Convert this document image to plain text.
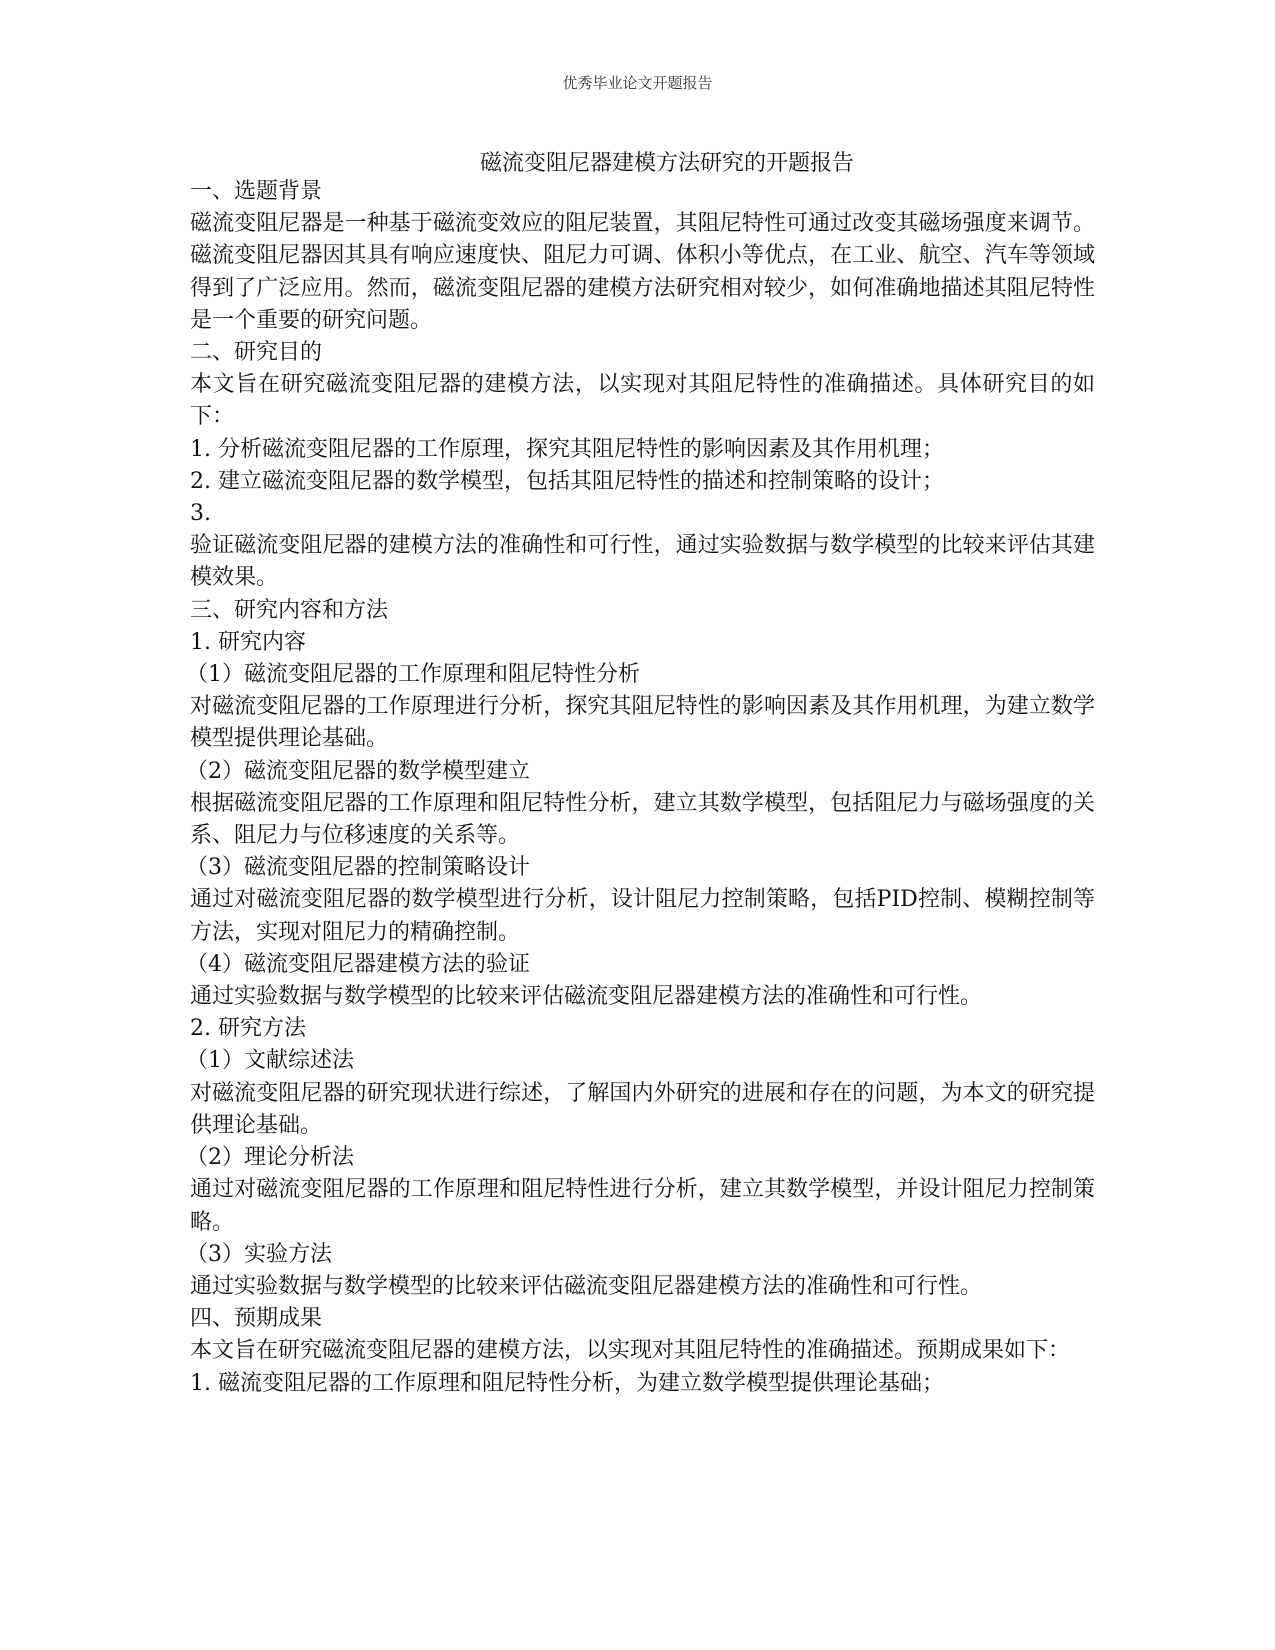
优秀毕业论文开题报告
磁流变阻尼器建模方法研究的开题报告

一、选题背景

磁流变阻尼器是一种基于磁流变效应的阻尼装置，其阻尼特性可通过改变其磁场强度来调节。磁流变阻尼器因其具有响应速度快、阻尼力可调、体积小等优点，在工业、航空、汽车等领域得到了广泛应用。然而，磁流变阻尼器的建模方法研究相对较少，如何准确地描述其阻尼特性是一个重要的研究问题。

二、研究目的

本文旨在研究磁流变阻尼器的建模方法，以实现对其阻尼特性的准确描述。具体研究目的如下：

1. 分析磁流变阻尼器的工作原理，探究其阻尼特性的影响因素及其作用机理；

2. 建立磁流变阻尼器的数学模型，包括其阻尼特性的描述和控制策略的设计；

3.

验证磁流变阻尼器的建模方法的准确性和可行性，通过实验数据与数学模型的比较来评估其建模效果。

三、研究内容和方法

1. 研究内容

（1）磁流变阻尼器的工作原理和阻尼特性分析

对磁流变阻尼器的工作原理进行分析，探究其阻尼特性的影响因素及其作用机理，为建立数学模型提供理论基础。

（2）磁流变阻尼器的数学模型建立

根据磁流变阻尼器的工作原理和阻尼特性分析，建立其数学模型，包括阻尼力与磁场强度的关系、阻尼力与位移速度的关系等。

（3）磁流变阻尼器的控制策略设计

通过对磁流变阻尼器的数学模型进行分析，设计阻尼力控制策略，包括PID控制、模糊控制等方法，实现对阻尼力的精确控制。

（4）磁流变阻尼器建模方法的验证

通过实验数据与数学模型的比较来评估磁流变阻尼器建模方法的准确性和可行性。

2. 研究方法

（1）文献综述法

对磁流变阻尼器的研究现状进行综述，了解国内外研究的进展和存在的问题，为本文的研究提供理论基础。

（2）理论分析法

通过对磁流变阻尼器的工作原理和阻尼特性进行分析，建立其数学模型，并设计阻尼力控制策略。

（3）实验方法

通过实验数据与数学模型的比较来评估磁流变阻尼器建模方法的准确性和可行性。

四、预期成果

本文旨在研究磁流变阻尼器的建模方法，以实现对其阻尼特性的准确描述。预期成果如下：

1. 磁流变阻尼器的工作原理和阻尼特性分析，为建立数学模型提供理论基础；
